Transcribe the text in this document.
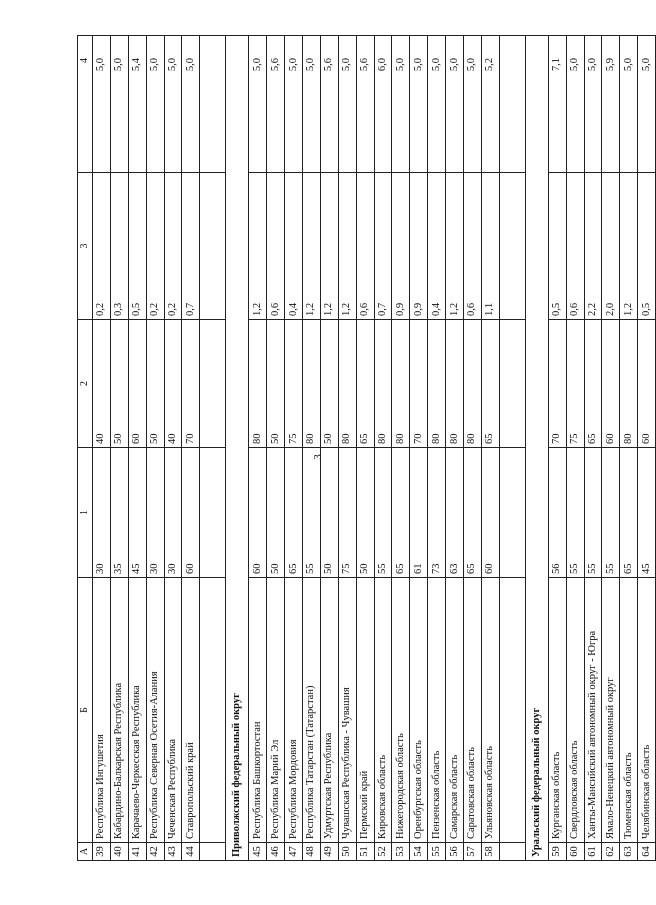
3
А	Б	1	2	3	4
39	Республика Ингушетия	30	40	0,2	5,0
40	Кабардино-Балкарская Республика	35	50	0,3	5,0
41	Карачаево-Черкесская Республика	45	60	0,5	5,4
42	Республика Северная Осетия-Алания	30	50	0,2	5,0
43	Чеченская Республика	30	40	0,2	5,0
44	Ставропольский край	60	70	0,7	5,0

Приволжский федеральный округ					
45	Республика Башкортостан	60	80	1,2	5,0
46	Республика Марий Эл	50	50	0,6	5,6
47	Республика Мордовия	65	75	0,4	5,0
48	Республика Татарстан (Татарстан)	55	80	1,2	5,0
49	Удмуртская Республика	50	50	1,2	5,6
50	Чувашская Республика - Чувашия	75	80	1,2	5,0
51	Пермский край	50	65	0,6	5,6
52	Кировская область	55	80	0,7	6,0
53	Нижегородская область	65	80	0,9	5,0
54	Оренбургская область	61	70	0,9	5,0
55	Пензенская область	73	80	0,4	5,0
56	Самарская область	63	80	1,2	5,0
57	Саратовская область	65	80	0,6	5,0
58	Ульяновская область	60	65	1,1	5,2

Уральский федеральный округ					
59	Курганская область	56	70	0,5	7,1
60	Свердловская область	55	75	0,6	5,0
61	Ханты-Мансийский автономный округ - Югра	55	65	2,2	5,0
62	Ямало-Ненецкий автономный округ	55	60	2,0	5,9
63	Тюменская область	65	80	1,2	5,0
64	Челябинская область	45	60	0,5	5,0
